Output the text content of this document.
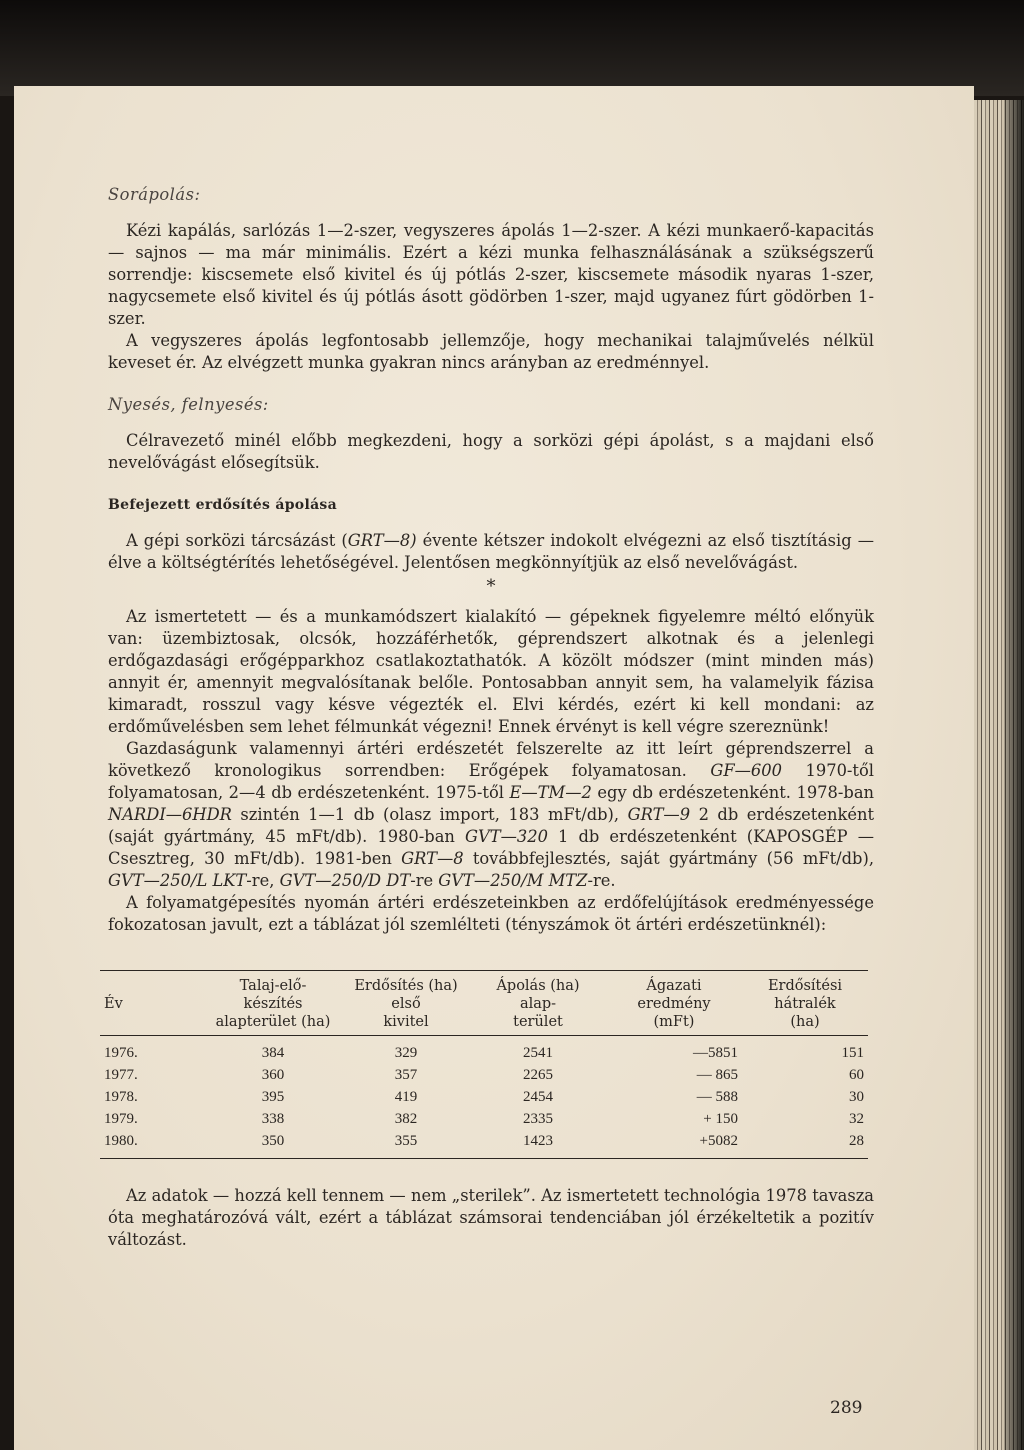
Sorápolás:

Kézi kapálás, sarlózás 1—2-szer, vegyszeres ápolás 1—2-szer. A kézi munkaerő-kapacitás — sajnos — ma már minimális. Ezért a kézi munka felhasználásának a szükségszerű sorrendje: kiscsemete első kivitel és új pótlás 2-szer, kiscsemete második nyaras 1-szer, nagycsemete első kivitel és új pótlás ásott gödörben 1-szer, majd ugyanez fúrt gödörben 1-szer.

A vegyszeres ápolás legfontosabb jellemzője, hogy mechanikai talajművelés nélkül keveset ér. Az elvégzett munka gyakran nincs arányban az eredménnyel.

Nyesés, felnyesés:

Célravezető minél előbb megkezdeni, hogy a sorközi gépi ápolást, s a majdani első nevelővágást elősegítsük.

Befejezett erdősítés ápolása

A gépi sorközi tárcsázást (GRT—8) évente kétszer indokolt elvégezni az első tisztításig — élve a költségtérítés lehetőségével. Jelentősen megkönnyítjük az első nevelővágást.

*

Az ismertetett — és a munkamódszert kialakító — gépeknek figyelemre méltó előnyük van: üzembiztosak, olcsók, hozzáférhetők, géprendszert alkotnak és a jelenlegi erdőgazdasági erőgépparkhoz csatlakoztathatók. A közölt módszer (mint minden más) annyit ér, amennyit megvalósítanak belőle. Pontosabban annyit sem, ha valamelyik fázisa kimaradt, rosszul vagy késve végezték el. Elvi kérdés, ezért ki kell mondani: az erdőművelésben sem lehet félmunkát végezni! Ennek érvényt is kell végre szereznünk!

Gazdaságunk valamennyi ártéri erdészetét felszerelte az itt leírt géprendszerrel a következő kronologikus sorrendben: Erőgépek folyamatosan. GF—600 1970-től folyamatosan, 2—4 db erdészetenként. 1975-től E—TM—2 egy db erdészetenként. 1978-ban NARDI—6HDR szintén 1—1 db (olasz import, 183 mFt/db), GRT—9 2 db erdészetenként (saját gyártmány, 45 mFt/db). 1980-ban GVT—320 1 db erdészetenként (KAPOSGÉP — Csesztreg, 30 mFt/db). 1981-ben GRT—8 továbbfejlesztés, saját gyártmány (56 mFt/db), GVT—250/L LKT-re, GVT—250/D DT-re GVT—250/M MTZ-re.

A folyamatgépesítés nyomán ártéri erdészeteinkben az erdőfelújítások eredményessége fokozatosan javult, ezt a táblázat jól szemlélteti (tényszámok öt ártéri erdészetünknél):

Év	Talaj-elő-
készítés
alapterület (ha)	Erdősítés (ha)
első
kivitel	Ápolás (ha)
alap-
terület	Ágazati
eredmény
(mFt)	Erdősítési
hátralék
(ha)

1976.	384	329	2541	—5851	151
1977.	360	357	2265	— 865	60
1978.	395	419	2454	— 588	30
1979.	338	382	2335	+ 150	32
1980.	350	355	1423	+5082	28

Az adatok — hozzá kell tennem — nem „sterilek”. Az ismertetett technológia 1978 tavasza óta meghatározóvá vált, ezért a táblázat számsorai tendenciában jól érzékeltetik a pozitív változást.

289
